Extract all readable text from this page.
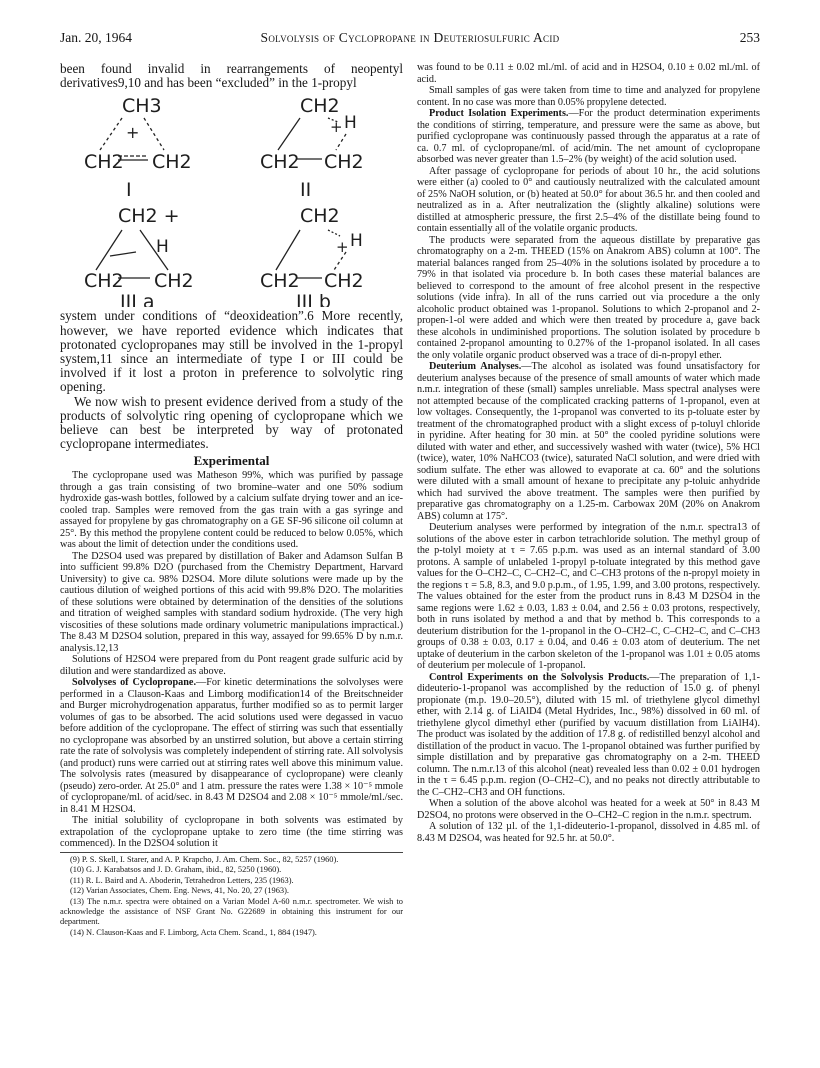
Jan. 20, 1964	Solvolysis of Cyclopropane in Deuteriosulfuric Acid	253

been found invalid in rearrangements of neopentyl derivatives9,10 and has been “excluded” in the 1-propyl

CH3
+
CH2 CH2
I
CH2
H
+
CH2 CH2
II
CH2 +
H
CH2 CH2
III a
CH2
H
+
CH2 CH2
III b

system under conditions of “deoxideation”.6 More recently, however, we have reported evidence which indicates that protonated cyclopropanes may still be involved in the 1-propyl system,11 since an intermediate of type I or III could be involved if it lost a proton in preference to solvolytic ring opening.

We now wish to present evidence derived from a study of the products of solvolytic ring opening of cyclopropane which we believe can best be interpreted by way of protonated cyclopropane intermediates.

Experimental

The cyclopropane used was Matheson 99%, which was purified by passage through a gas train consisting of two bromine–water and one 50% sodium hydroxide gas-wash bottles, followed by a calcium sulfate drying tower and an ice-cooled trap. Samples were removed from the gas train with a gas syringe and assayed for propylene by gas chromatography on a GE SF-96 silicone oil column at 25°. By this method the propylene content could be reduced to below 0.05%, which was about the limit of detection under the conditions used.

The D2SO4 used was prepared by distillation of Baker and Adamson Sulfan B into sufficient 99.8% D2O (purchased from the Chemistry Department, Harvard University) to give ca. 98% D2SO4. More dilute solutions were made up by the cautious dilution of weighed portions of this acid with 99.8% D2O. The molarities of these solutions were obtained by determination of the densities of the solutions and titration of weighed samples with standard sodium hydroxide. (The very high viscosities of these solutions made ordinary volumetric manipulations impractical.) The 8.43 M D2SO4 solution, prepared in this way, assayed for 99.65% D by n.m.r. analysis.12,13

Solutions of H2SO4 were prepared from du Pont reagent grade sulfuric acid by dilution and were standardized as above.

Solvolyses of Cyclopropane.—For kinetic determinations the solvolyses were performed in a Clauson-Kaas and Limborg modification14 of the Breitschneider and Burger microhydrogenation apparatus, further modified so as to permit larger volumes of gas to be absorbed. The acid solutions used were degassed in vacuo before addition of the cyclopropane. The effect of stirring was such that essentially no cyclopropane was absorbed by an unstirred solution, but above a certain stirring rate the rate of solvolysis was completely independent of stirring rate. All solvolysis (and product) runs were carried out at stirring rates well above this minimum value. The solvolysis rates (measured by disappearance of cyclopropane) were cleanly (pseudo) zero-order. At 25.0° and 1 atm. pressure the rates were 1.38 × 10⁻⁵ mmole of cyclopropane/ml. of acid/sec. in 8.43 M D2SO4 and 2.08 × 10⁻⁵ mmole/ml./sec. in 8.41 M H2SO4.

The initial solubility of cyclopropane in both solvents was estimated by extrapolation of the cyclopropane uptake to zero time (the time stirring was commenced). In the D2SO4 solution it

(9) P. S. Skell, I. Starer, and A. P. Krapcho, J. Am. Chem. Soc., 82, 5257 (1960).

(10) G. J. Karabatsos and J. D. Graham, ibid., 82, 5250 (1960).

(11) R. L. Baird and A. Aboderin, Tetrahedron Letters, 235 (1963).

(12) Varian Associates, Chem. Eng. News, 41, No. 20, 27 (1963).

(13) The n.m.r. spectra were obtained on a Varian Model A-60 n.m.r. spectrometer. We wish to acknowledge the assistance of NSF Grant No. G22689 in obtaining this instrument for our department.

(14) N. Clauson-Kaas and F. Limborg, Acta Chem. Scand., 1, 884 (1947).

was found to be 0.11 ± 0.02 ml./ml. of acid and in H2SO4, 0.10 ± 0.02 ml./ml. of acid.

Small samples of gas were taken from time to time and analyzed for propylene content. In no case was more than 0.05% propylene detected.

Product Isolation Experiments.—For the product determination experiments the conditions of stirring, temperature, and pressure were the same as above, but purified cyclopropane was continuously passed through the apparatus at a rate of ca. 0.7 ml. of cyclopropane/ml. of acid/min. The net amount of cyclopropane absorbed was never greater than 1.5–2% (by weight) of the acid solution used.

After passage of cyclopropane for periods of about 10 hr., the acid solutions were either (a) cooled to 0° and cautiously neutralized with the calculated amount of 25% NaOH solution, or (b) heated at 50.0° for about 36.5 hr. and then cooled and neutralized as in a. After neutralization the (slightly alkaline) solutions were distilled at atmospheric pressure, the first 2.5–4% of the distillate being found to contain essentially all of the volatile organic products.

The products were separated from the aqueous distillate by preparative gas chromatography on a 2-m. THEED (15% on Anakrom ABS) column at 100°. The material balances ranged from 25–40% in the solutions isolated by procedure a to 79% in that isolated via procedure b. In both cases these material balances are believed to correspond to the amount of free alcohol present in the respective solutions (vide infra). In all of the runs carried out via procedure a the only alcoholic product obtained was 1-propanol. Solutions to which 2-propanol and 2-propen-1-ol were added and which were then treated by procedure a, gave back these alcohols in undiminished proportions. The solution isolated by procedure b contained 2-propanol amounting to 0.27% of the 1-propanol isolated. In all cases the only volatile organic product observed was a trace of di-n-propyl ether.

Deuterium Analyses.—The alcohol as isolated was found unsatisfactory for deuterium analyses because of the presence of small amounts of water which made n.m.r. integration of these (small) samples unreliable. Mass spectral analyses were not attempted because of the complicated cracking patterns of 1-propanol, even at low voltages. Consequently, the 1-propanol was converted to its p-toluate ester by treatment of the chromatographed product with a slight excess of p-toluyl chloride in pyridine. After heating for 30 min. at 50° the cooled pyridine solutions were diluted with water and ether, and successively washed with water (twice), 5% HCl (twice), water, 10% NaHCO3 (twice), saturated NaCl solution, and were dried with sodium sulfate. The ether was allowed to evaporate at ca. 60° and the solutions were diluted with a small amount of hexane to precipitate any p-toluic anhydride which had survived the above treatment. The samples were then purified by preparative gas chromatography on a 1.25-m. Carbowax 20M (20% on Anakrom ABS) column at 175°.

Deuterium analyses were performed by integration of the n.m.r. spectra13 of solutions of the above ester in carbon tetrachloride solution. The methyl group of the p-tolyl moiety at τ = 7.65 p.p.m. was used as an internal standard of 3.00 protons. A sample of unlabeled 1-propyl p-toluate integrated by this method gave values for the O–CH2–C, C–CH2–C, and C–CH3 protons of the n-propyl moiety in the regions τ = 5.8, 8.3, and 9.0 p.p.m., of 1.95, 1.99, and 3.00 protons, respectively. The values obtained for the ester from the product runs in 8.43 M D2SO4 in the same regions were 1.62 ± 0.03, 1.83 ± 0.04, and 2.56 ± 0.03 protons, respectively, both in runs isolated by method a and that by method b. This corresponds to a deuterium distribution for the 1-propanol in the O–CH2–C, C–CH2–C, and C–CH3 groups of 0.38 ± 0.03, 0.17 ± 0.04, and 0.46 ± 0.03 atom of deuterium. The net uptake of deuterium in the carbon skeleton of the 1-propanol was 1.01 ± 0.05 atoms of deuterium per molecule of 1-propanol.

Control Experiments on the Solvolysis Products.—The preparation of 1,1-dideuterio-1-propanol was accomplished by the reduction of 15.0 g. of phenyl propionate (m.p. 19.0–20.5°), diluted with 15 ml. of triethylene glycol dimethyl ether, with 2.14 g. of LiAlD4 (Metal Hydrides, Inc., 98%) dissolved in 60 ml. of triethylene glycol dimethyl ether (purified by vacuum distillation from LiAlH4). The product was isolated by the addition of 17.8 g. of redistilled benzyl alcohol and distillation of the product in vacuo. The 1-propanol obtained was further purified by simple distillation and by preparative gas chromatography on a 2-m. THEED column. The n.m.r.13 of this alcohol (neat) revealed less than 0.02 ± 0.01 hydrogen in the τ = 6.45 p.p.m. region (O–CH2–C), and no peaks not directly attributable to the C–CH2–CH3 and OH functions.

When a solution of the above alcohol was heated for a week at 50° in 8.43 M D2SO4, no protons were observed in the O–CH2–C region in the n.m.r. spectrum.

A solution of 132 µl. of the 1,1-dideuterio-1-propanol, dissolved in 4.85 ml. of 8.43 M D2SO4, was heated for 92.5 hr. at 50.0°.
